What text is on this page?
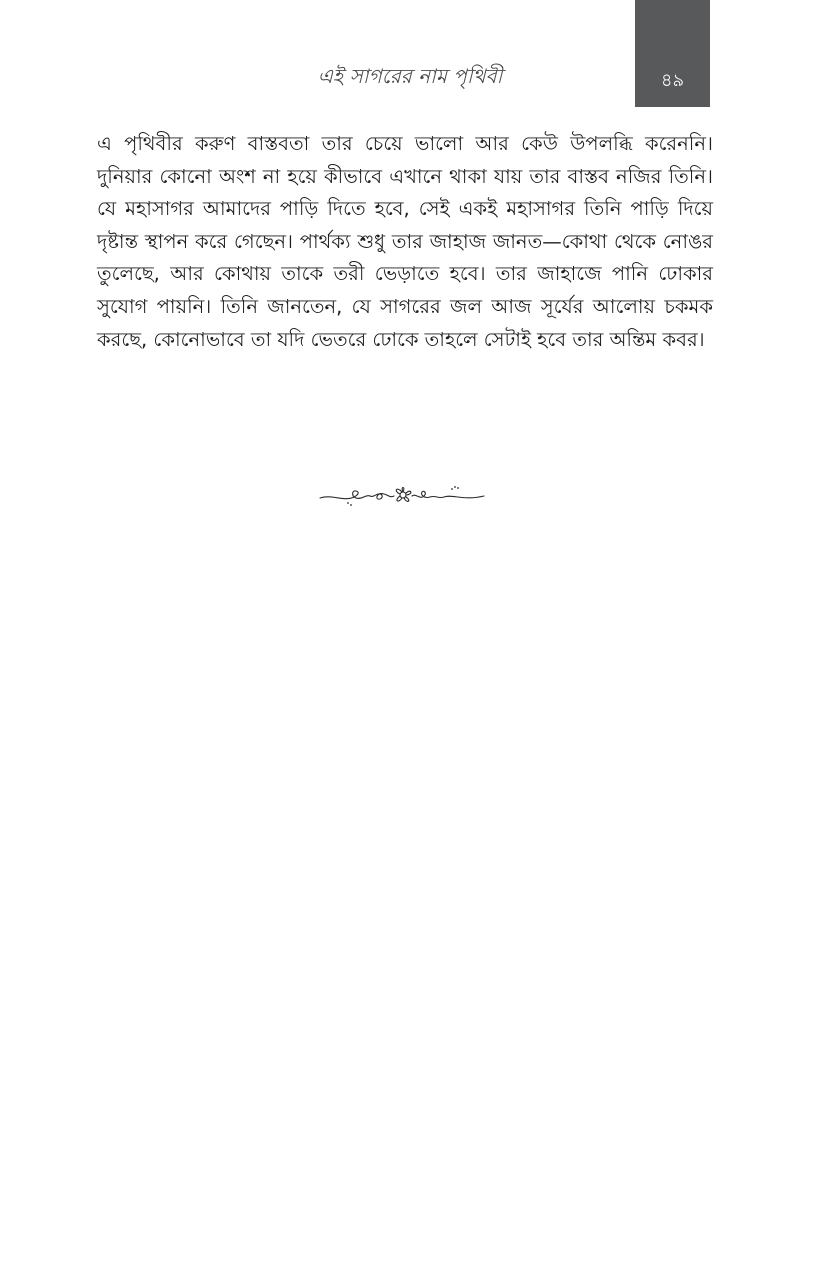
এই সাগরের নাম পৃথিবী	৪৯

এ পৃথিবীর করুণ বাস্তবতা তার চেয়ে ভালো আর কেউ উপলব্ধি করেননি। দুনিয়ার কোনো অংশ না হয়ে কীভাবে এখানে থাকা যায় তার বাস্তব নজির তিনি। যে মহাসাগর আমাদের পাড়ি দিতে হবে, সেই একই মহাসাগর তিনি পাড়ি দিয়ে দৃষ্টান্ত স্থাপন করে গেছেন। পার্থক্য শুধু তার জাহাজ জানত—কোথা থেকে নোঙর তুলেছে, আর কোথায় তাকে তরী ভেড়াতে হবে। তার জাহাজে পানি ঢোকার সুযোগ পায়নি। তিনি জানতেন, যে সাগরের জল আজ সূর্যের আলোয় চকমক করছে, কোনোভাবে তা যদি ভেতরে ঢোকে তাহলে সেটাই হবে তার অন্তিম কবর।
